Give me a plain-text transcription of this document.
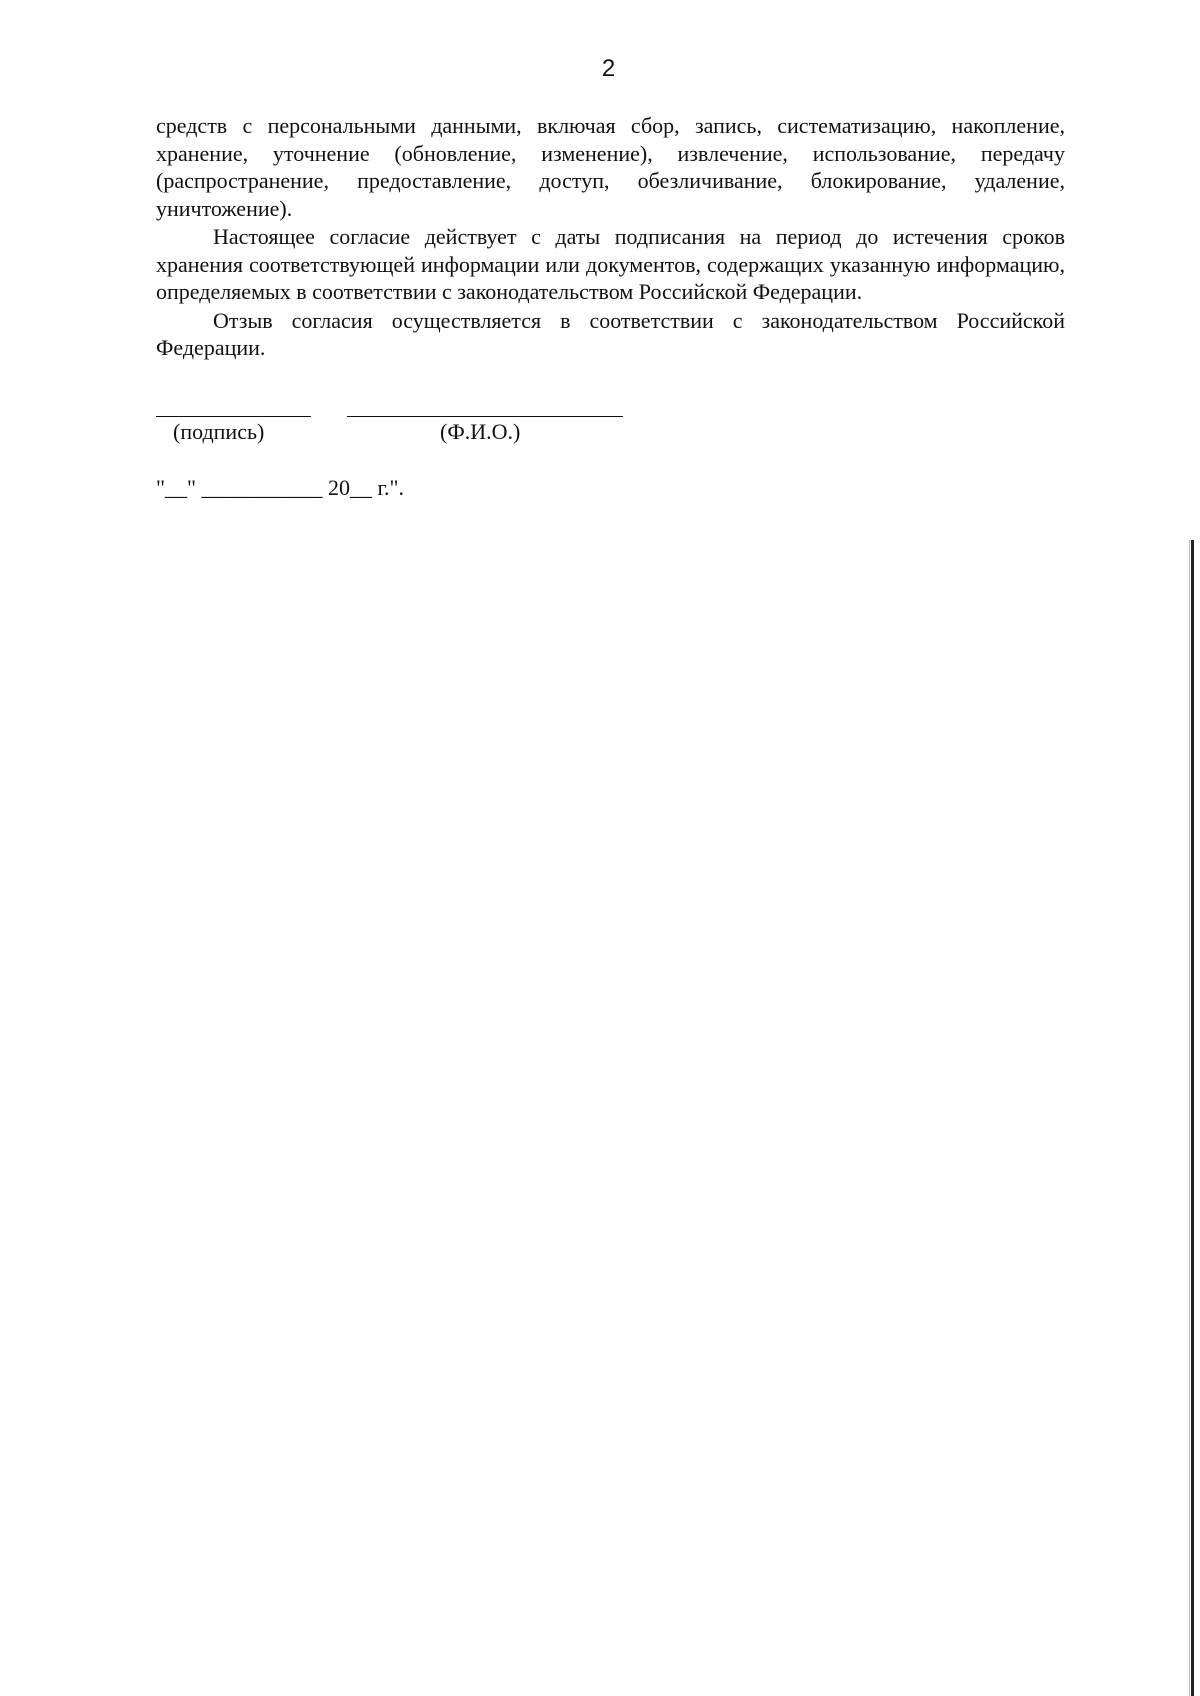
2

средств с персональными данными, включая сбор, запись, систематизацию, накопление, хранение, уточнение (обновление, изменение), извлечение, использование, передачу (распространение, предоставление, доступ, обезличивание, блокирование, удаление, уничтожение).

Настоящее согласие действует с даты подписания на период до истечения сроков хранения соответствующей информации или документов, содержащих указанную информацию, определяемых в соответствии с законодательством Российской Федерации.

Отзыв согласия осуществляется в соответствии с законодательством Российской Федерации.

(подпись)	(Ф.И.О.)
"__" ___________ 20__ г.".
